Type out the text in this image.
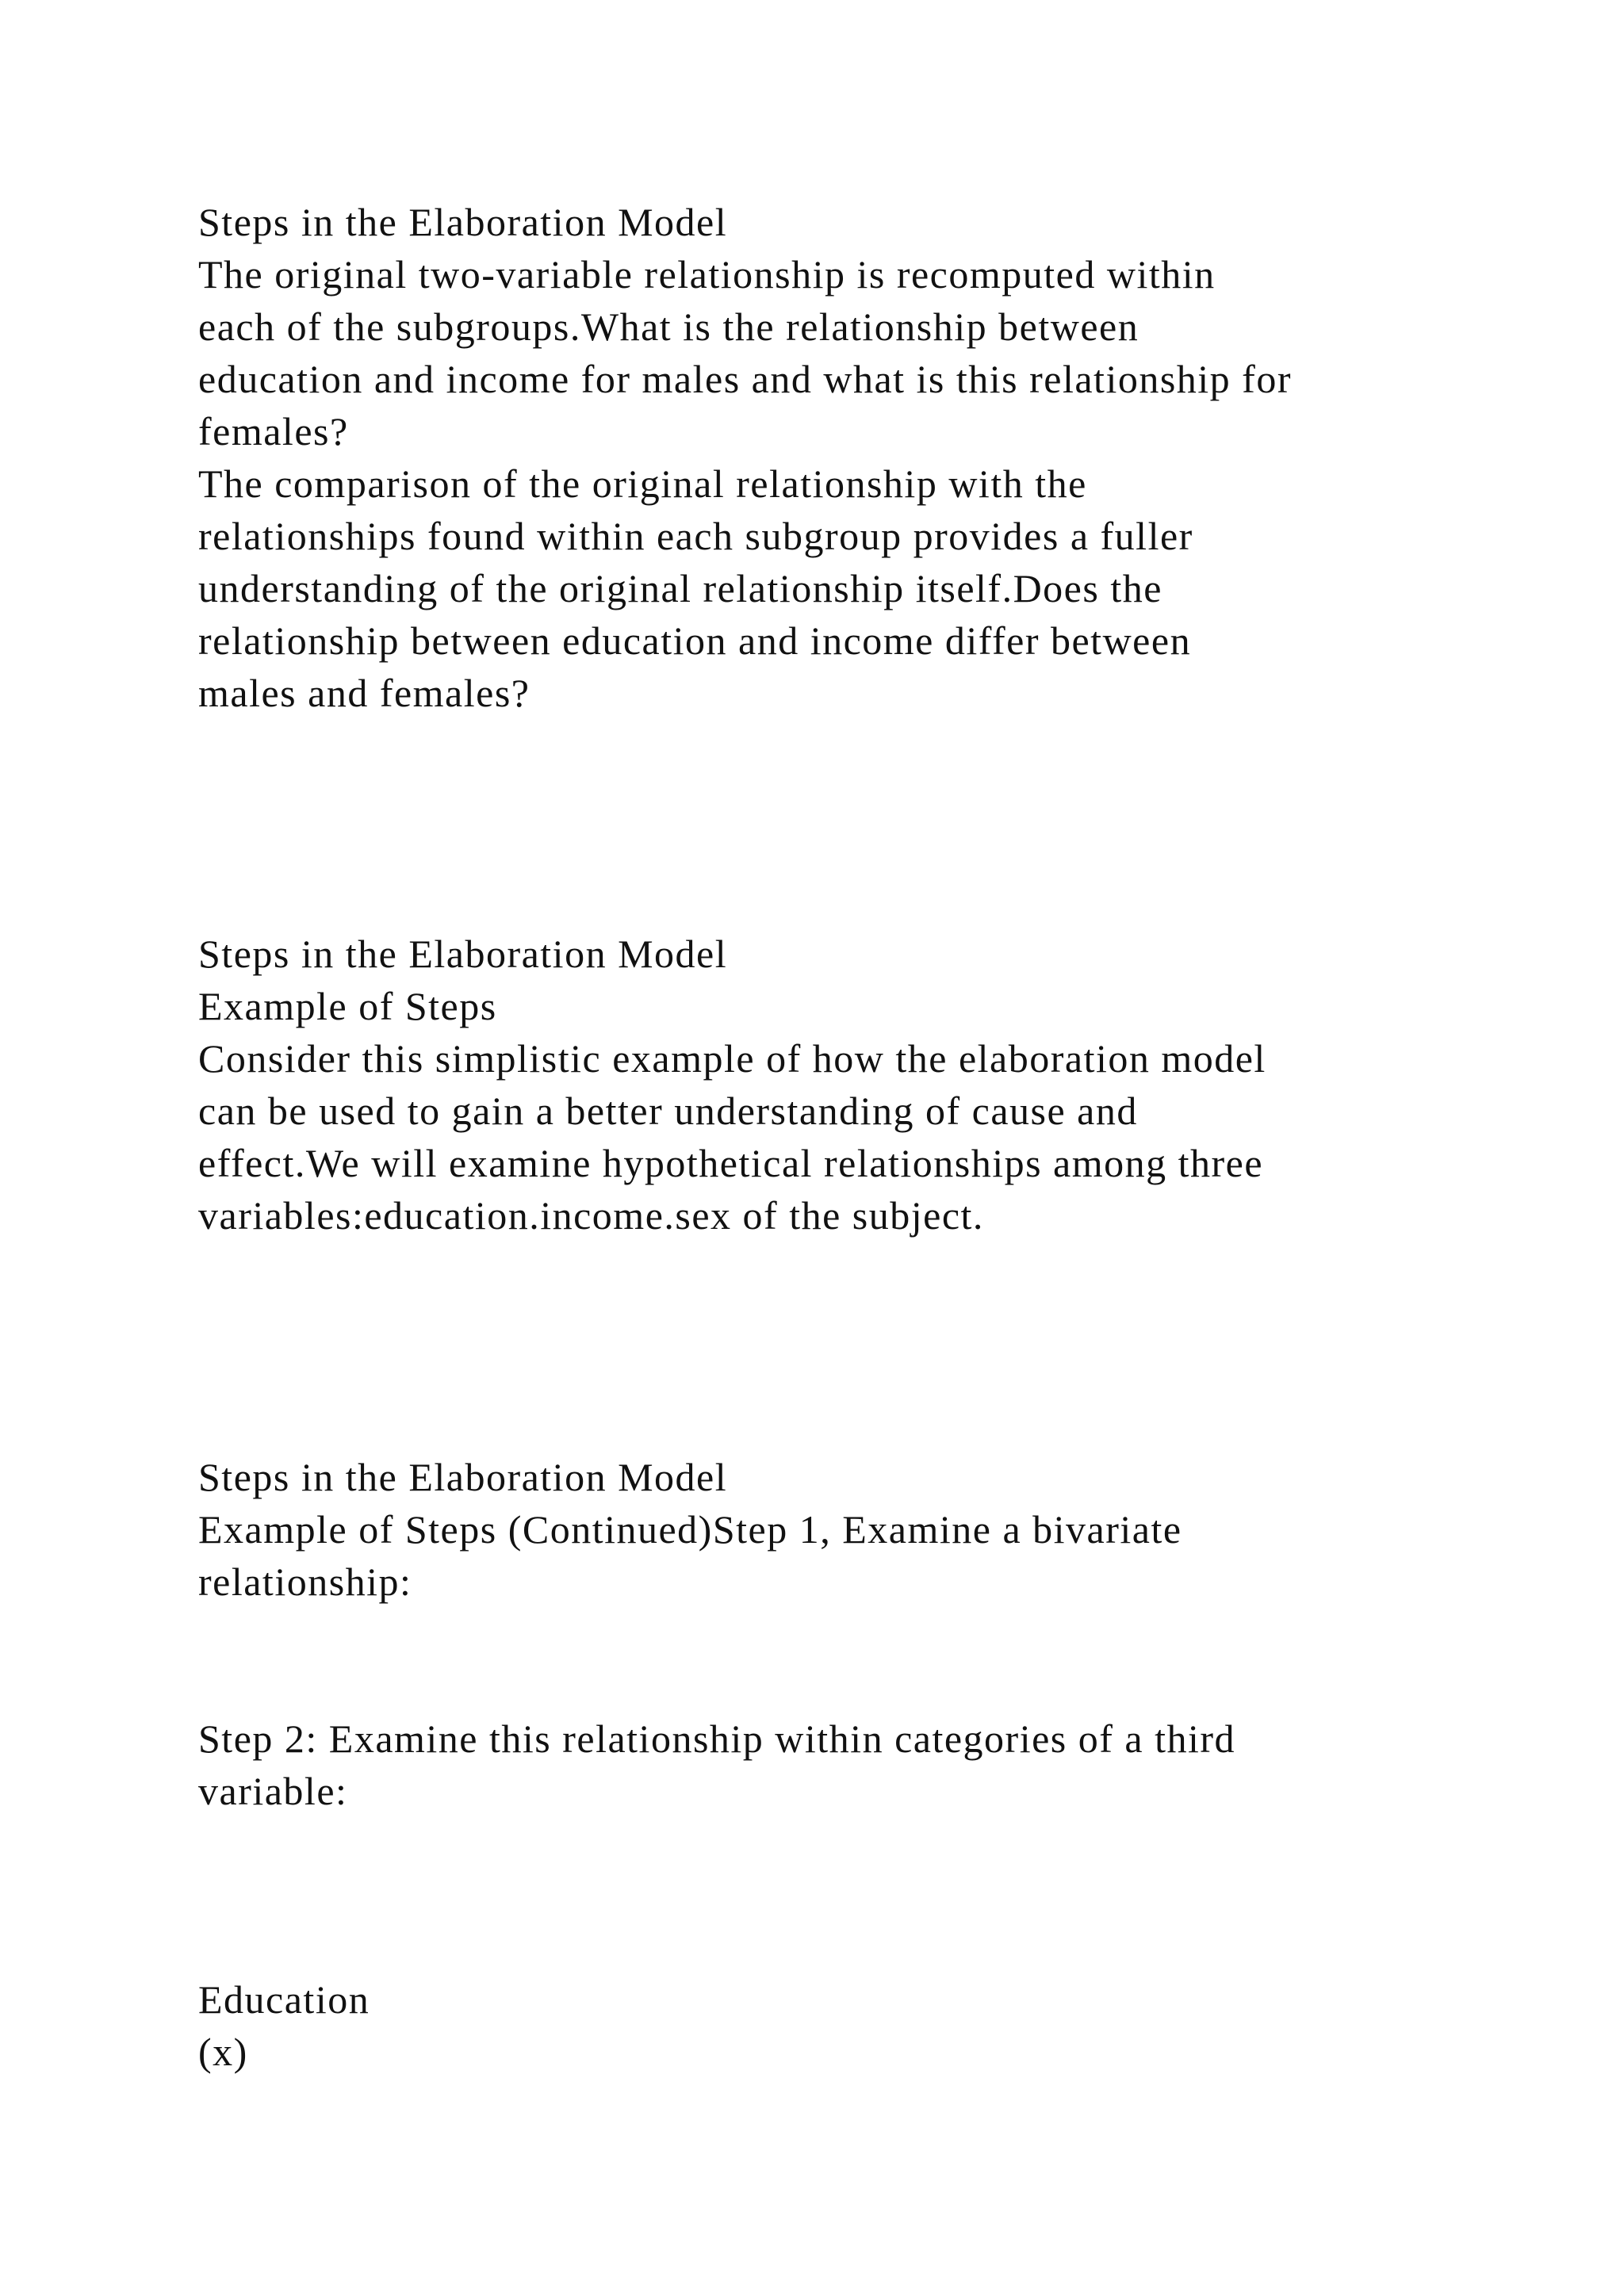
Steps in the Elaboration Model
The original two-variable relationship is recomputed within
each of the subgroups.What is the relationship between
education and income for males and what is this relationship for
females?
The comparison of the original relationship with the
relationships found within each subgroup provides a fuller
understanding of the original relationship itself.Does the
relationship between education and income differ between
males and females?
Steps in the Elaboration Model
Example of Steps
Consider this simplistic example of how the elaboration model
can be used to gain a better understanding of cause and
effect.We will examine hypothetical relationships among three
variables:education.income.sex of the subject.
Steps in the Elaboration Model
Example of Steps (Continued)Step 1, Examine a bivariate
relationship:
Step 2: Examine this relationship within categories of a third
variable:
Education
(x)
